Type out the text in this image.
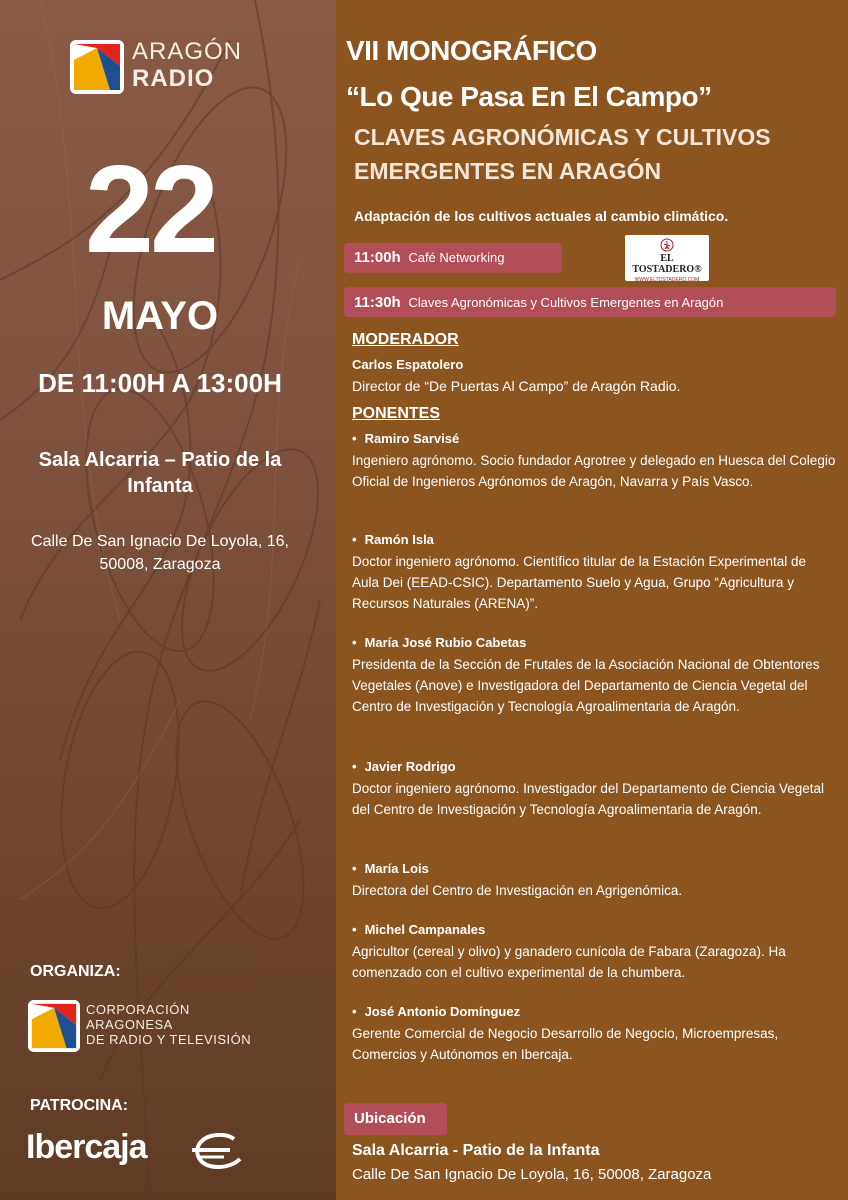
ARAGÓN
RADIO
22
MAYO
DE 11:00H A 13:00H
Sala Alcarria – Patio de la Infanta
Calle De San Ignacio De Loyola, 16, 50008, Zaragoza
ORGANIZA:
CORPORACIÓN
ARAGONESA
DE RADIO Y TELEVISIÓN
PATROCINA:
Ibercaja
VII MONOGRÁFICO
“Lo Que Pasa En El Campo”
CLAVES AGRONÓMICAS Y CULTIVOS EMERGENTES EN ARAGÓN
Adaptación de los cultivos actuales al cambio climático.
11:00h Café Networking	EL TOSTADERO®
WWW.ELTOSTADERO.COM
11:30h Claves Agronómicas y Cultivos Emergentes en Aragón
MODERADOR
Carlos Espatolero
Director de “De Puertas Al Campo” de Aragón Radio.
PONENTES
• Ramiro Sarvisé
Ingeniero agrónomo. Socio fundador Agrotree y delegado en Huesca del Colegio Oficial de Ingenieros Agrónomos de Aragón, Navarra y País Vasco.
• Ramón Isla
Doctor ingeniero agrónomo. Científico titular de la Estación Experimental de Aula Dei (EEAD-CSIC). Departamento Suelo y Agua, Grupo “Agricultura y Recursos Naturales (ARENA)”.
• María José Rubio Cabetas
Presidenta de la Sección de Frutales de la Asociación Nacional de Obtentores Vegetales (Anove) e Investigadora del Departamento de Ciencia Vegetal del Centro de Investigación y Tecnología Agroalimentaria de Aragón.
• Javier Rodrigo
Doctor ingeniero agrónomo. Investigador del Departamento de Ciencia Vegetal del Centro de Investigación y Tecnología Agroalimentaria de Aragón.
• María Lois
Directora del Centro de Investigación en Agrigenómica.
• Michel Campanales
Agricultor (cereal y olivo) y ganadero cunícola de Fabara (Zaragoza). Ha comenzado con el cultivo experimental de la chumbera.
• José Antonio Domínguez
Gerente Comercial de Negocio Desarrollo de Negocio, Microempresas, Comercios y Autónomos en Ibercaja.
Ubicación
Sala Alcarria - Patio de la Infanta
Calle De San Ignacio De Loyola, 16, 50008, Zaragoza
